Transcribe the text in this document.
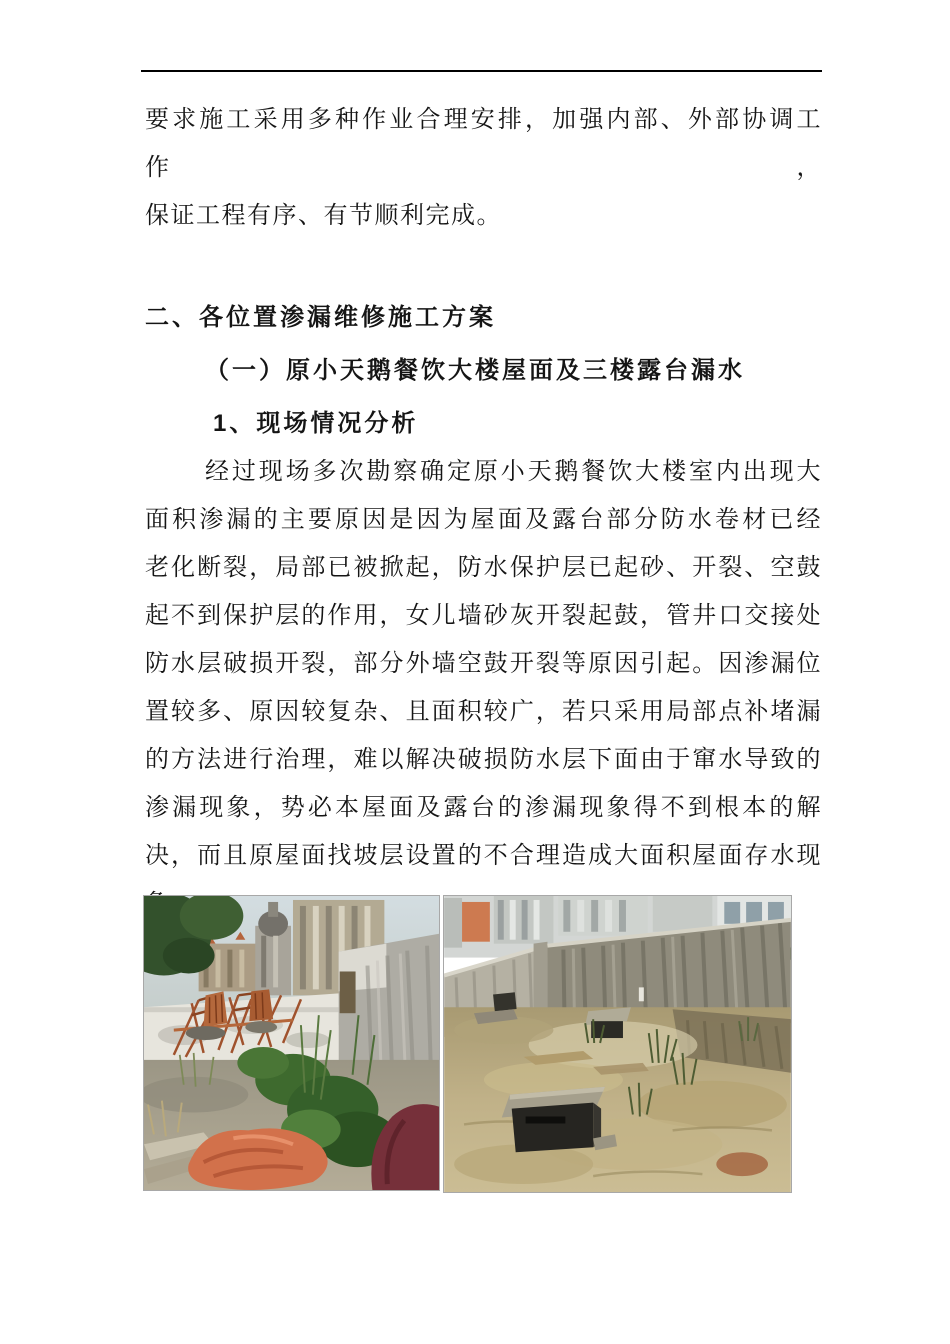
要求施工采用多种作业合理安排，加强内部、外部协调工作，
保证工程有序、有节顺利完成。
二、各位置渗漏维修施工方案
（一）原小天鹅餐饮大楼屋面及三楼露台漏水
1、现场情况分析
经过现场多次勘察确定原小天鹅餐饮大楼室内出现大
面积渗漏的主要原因是因为屋面及露台部分防水卷材已经
老化断裂，局部已被掀起，防水保护层已起砂、开裂、空鼓
起不到保护层的作用，女儿墙砂灰开裂起鼓，管井口交接处
防水层破损开裂，部分外墙空鼓开裂等原因引起。因渗漏位
置较多、原因较复杂、且面积较广，若只采用局部点补堵漏
的方法进行治理，难以解决破损防水层下面由于窜水导致的
渗漏现象，势必本屋面及露台的渗漏现象得不到根本的解
决，而且原屋面找坡层设置的不合理造成大面积屋面存水现
